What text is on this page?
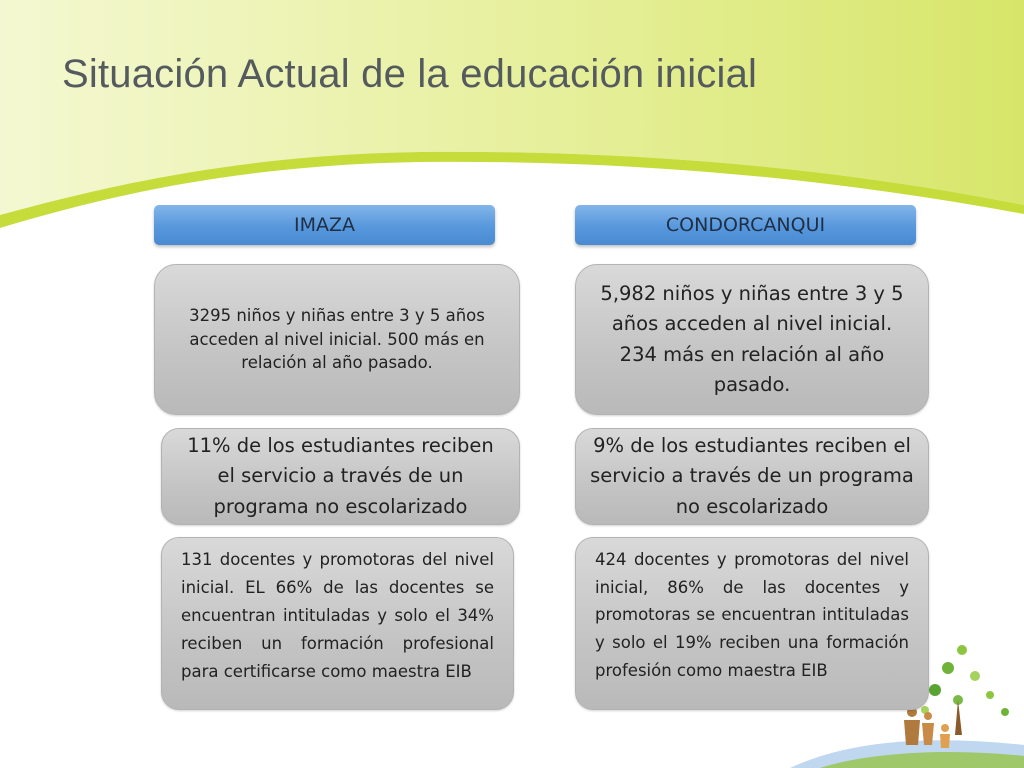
Situación Actual de la educación inicial
IMAZA
3295 niños y niñas entre 3 y 5 años acceden al nivel inicial. 500 más en relación al año pasado.
11% de los estudiantes reciben el servicio a través de un programa no escolarizado
131 docentes y promotoras del nivel inicial. EL 66% de las docentes se encuentran intituladas y solo el 34% reciben un formación profesional para certificarse como maestra EIB
CONDORCANQUI
5,982 niños y niñas entre 3 y 5 años acceden al nivel inicial. 234 más en relación al año pasado.
9% de los estudiantes reciben el servicio a través de un programa no escolarizado
424 docentes y promotoras del nivel inicial, 86% de las docentes y promotoras se encuentran intituladas y solo el 19% reciben una formación profesión como maestra EIB
